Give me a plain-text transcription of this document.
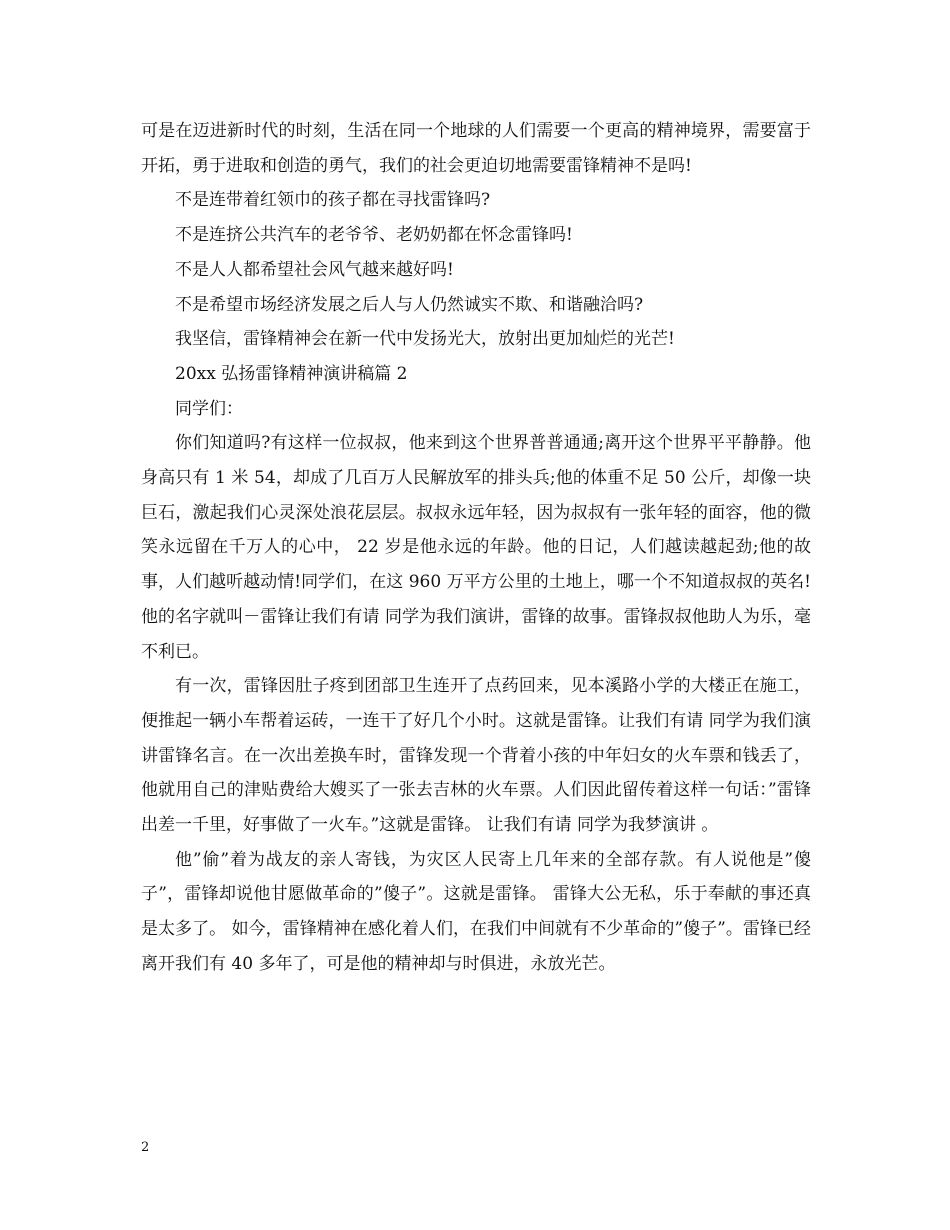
可是在迈进新时代的时刻，生活在同一个地球的人们需要一个更高的精神境界，需要富于开拓，勇于进取和创造的勇气，我们的社会更迫切地需要雷锋精神不是吗!

不是连带着红领巾的孩子都在寻找雷锋吗?

不是连挤公共汽车的老爷爷、老奶奶都在怀念雷锋吗!

不是人人都希望社会风气越来越好吗!

不是希望市场经济发展之后人与人仍然诚实不欺、和谐融洽吗?

我坚信，雷锋精神会在新一代中发扬光大，放射出更加灿烂的光芒!

20xx 弘扬雷锋精神演讲稿篇 2

同学们：

你们知道吗?有这样一位叔叔，他来到这个世界普普通通;离开这个世界平平静静。他身高只有 1 米 54，却成了几百万人民解放军的排头兵;他的体重不足 50 公斤，却像一块巨石，激起我们心灵深处浪花层层。叔叔永远年轻，因为叔叔有一张年轻的面容，他的微笑永远留在千万人的心中， 22 岁是他永远的年龄。他的日记，人们越读越起劲;他的故事，人们越听越动情!同学们，在这 960 万平方公里的土地上，哪一个不知道叔叔的英名!他的名字就叫－雷锋让我们有请 同学为我们演讲，雷锋的故事。雷锋叔叔他助人为乐，毫不利已。

有一次，雷锋因肚子疼到团部卫生连开了点药回来，见本溪路小学的大楼正在施工，便推起一辆小车帮着运砖，一连干了好几个小时。这就是雷锋。让我们有请 同学为我们演讲雷锋名言。在一次出差换车时，雷锋发现一个背着小孩的中年妇女的火车票和钱丢了，他就用自己的津贴费给大嫂买了一张去吉林的火车票。人们因此留传着这样一句话：”雷锋出差一千里，好事做了一火车。”这就是雷锋。 让我们有请 同学为我梦演讲 。

他”偷”着为战友的亲人寄钱，为灾区人民寄上几年来的全部存款。有人说他是”傻子”，雷锋却说他甘愿做革命的”傻子”。这就是雷锋。 雷锋大公无私，乐于奉献的事还真是太多了。 如今，雷锋精神在感化着人们，在我们中间就有不少革命的”傻子”。雷锋已经离开我们有 40 多年了，可是他的精神却与时俱进，永放光芒。

2
